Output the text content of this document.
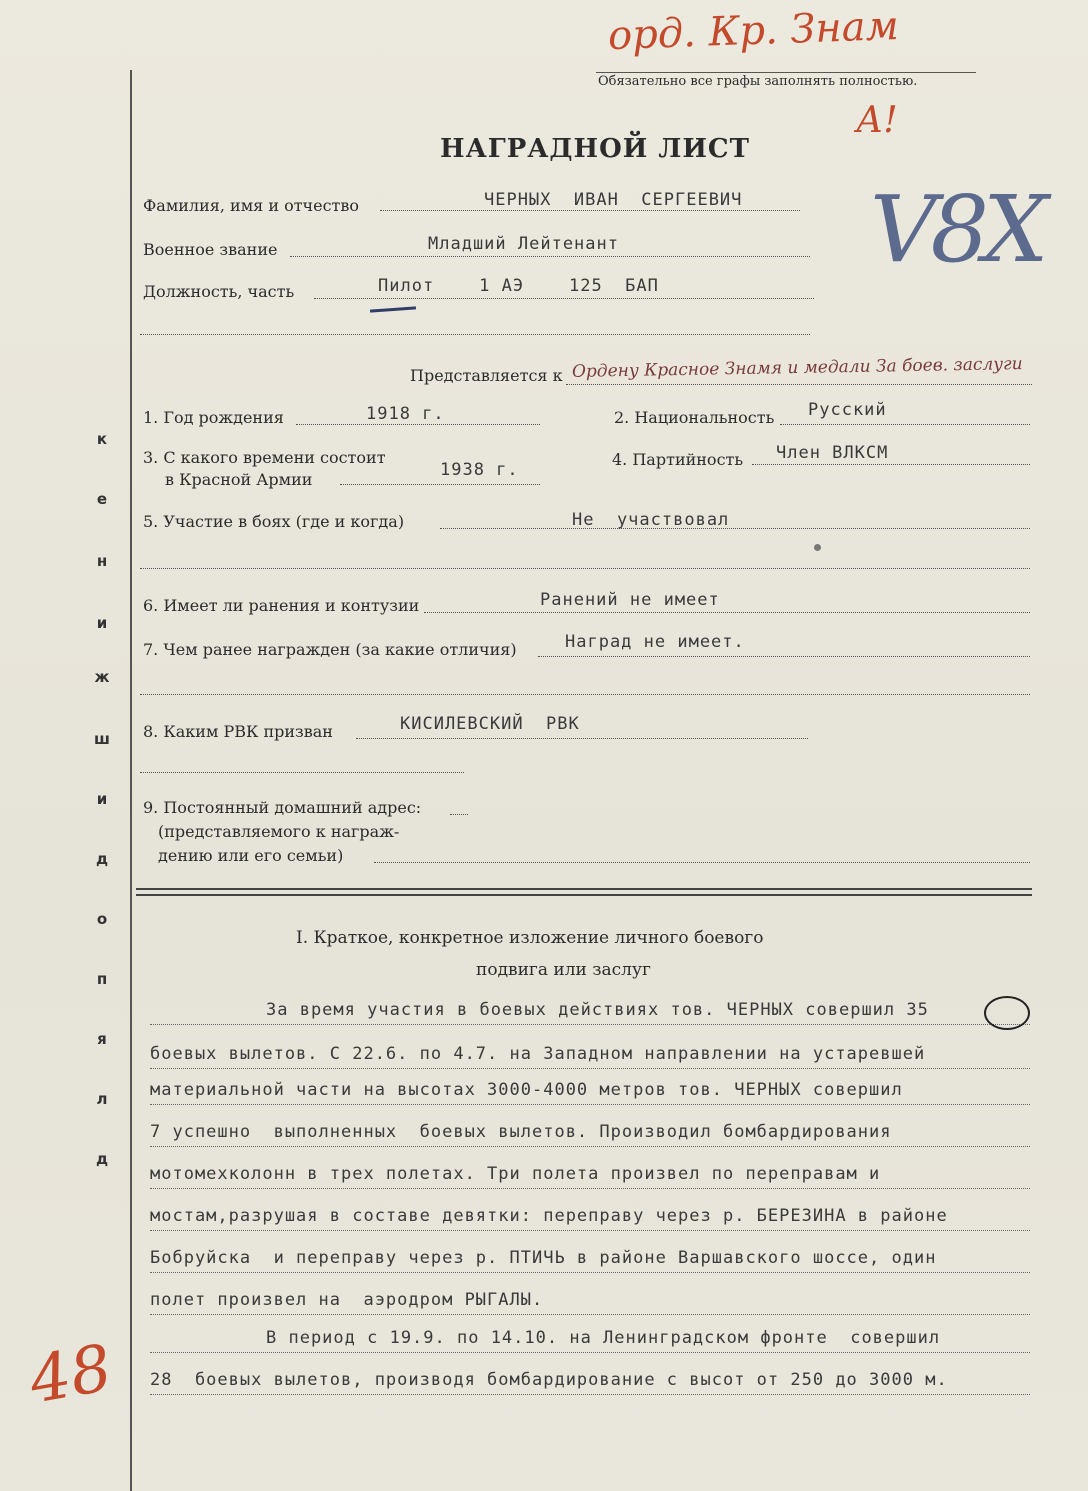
орд. Кр. Знам
Обязательно все графы заполнять полностью.
А!
НАГРАДНОЙ ЛИСТ
V8X
Фамилия, имя и отчество	ЧЕРНЫХ  ИВАН  СЕРГЕЕВИЧ
Военное звание	Младший Лейтенант
Должность, часть	Пилот    1 АЭ    125  БАП
Представляется к Ордену Красное Знамя и медали За боев. заслуги
1. Год рождения	1918 г.	2. Национальность Русский
3. С какого времени состоит
в Красной Армии	1938 г.
4. Партийность Член ВЛКСМ
5. Участие в боях (где и когда)	Не  участвовал
6. Имеет ли ранения и контузии	Ранений не имеет
7. Чем ранее награжден (за какие отличия)	Наград не имеет.
8. Каким РВК призван	КИСИЛЕВСКИЙ  РВК
9. Постоянный домашний адрес:
(представляемого к награж-
дению или его семьи)
к
е
н
и
ж
ш
и
д
о
п
я
л
д
I. Краткое, конкретное изложение личного боевого
подвига или заслуг
За время участия в боевых действиях тов. ЧЕРНЫХ совершил 35
боевых вылетов. С 22.6. по 4.7. на Западном направлении на устаревшей
материальной части на высотах 3000-4000 метров тов. ЧЕРНЫХ совершил
7 успешно  выполненных  боевых вылетов. Производил бомбардирования
мотомехколонн в трех полетах. Три полета произвел по переправам и
мостам,разрушая в составе девятки: переправу через р. БЕРЕЗИНА в районе
Бобруйска  и переправу через р. ПТИЧЬ в районе Варшавского шоссе, один
полет произвел на  аэродром РЫГАЛЫ.
В период с 19.9. по 14.10. на Ленинградском фронте  совершил
28  боевых вылетов, производя бомбардирование с высот от 250 до 3000 м.
48
